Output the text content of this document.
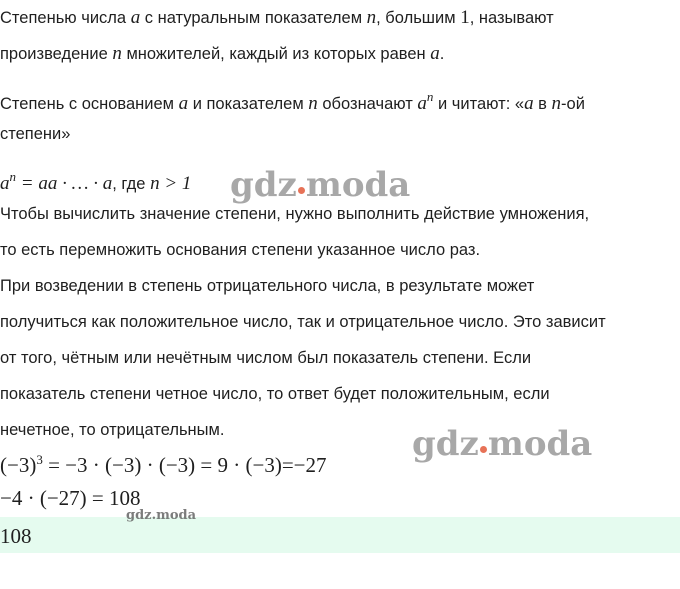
Степенью числа a с натуральным показателем n, большим 1, называют
произведение n множителей, каждый из которых равен a.
Степень с основанием a и показателем n обозначают $a^n$ и читают: «a в n-ой
степени»
$a^n$ = aa · … · a, где n > 1
Чтобы вычислить значение степени, нужно выполнить действие умножения,
то есть перемножить основания степени указанное число раз.
При возведении в степень отрицательного числа, в результате может
получиться как положительное число, так и отрицательное число. Это зависит
от того, чётным или нечётным числом был показатель степени. Если
показатель степени четное число, то ответ будет положительным, если
нечетное, то отрицательным.
$(-3)^3 = -3 \cdot (-3) \cdot (-3) = 9 \cdot (-3)=-27$
−4 · (−27) = 108
108
gdz moda
gdz moda
gdz.moda
